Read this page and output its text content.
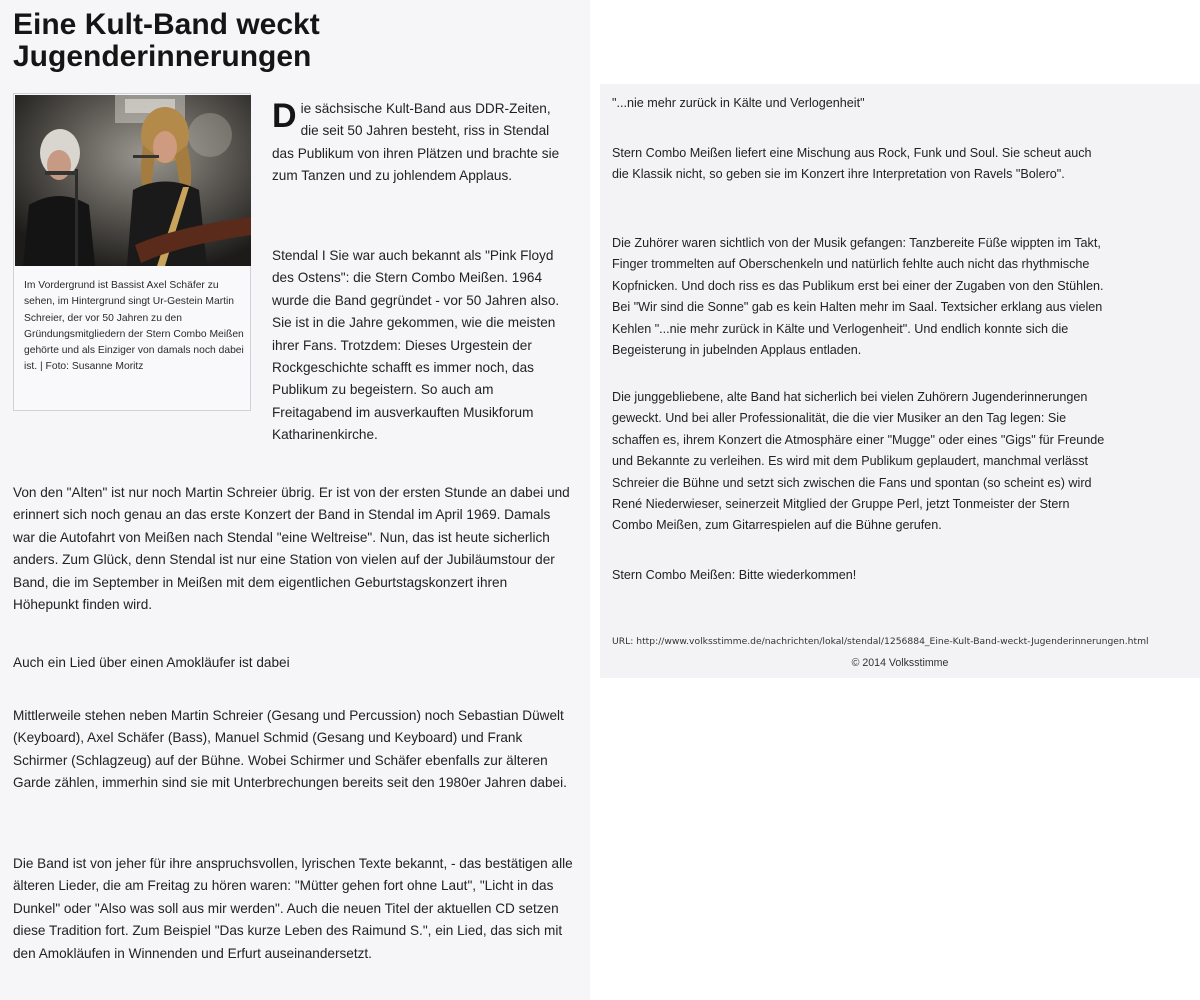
Eine Kult-Band weckt Jugenderinnerungen
Im Vordergrund ist Bassist Axel Schäfer zu sehen, im Hintergrund singt Ur-Gestein Martin Schreier, der vor 50 Jahren zu den Gründungsmitgliedern der Stern Combo Meißen gehörte und als Einziger von damals noch dabei ist. | Foto: Susanne Moritz

Die sächsische Kult-Band aus DDR-Zeiten, die seit 50 Jahren besteht, riss in Stendal das Publikum von ihren Plätzen und brachte sie zum Tanzen und zu johlendem Applaus.

Stendal I Sie war auch bekannt als "Pink Floyd des Ostens": die Stern Combo Meißen. 1964 wurde die Band gegründet - vor 50 Jahren also. Sie ist in die Jahre gekommen, wie die meisten ihrer Fans. Trotzdem: Dieses Urgestein der Rockgeschichte schafft es immer noch, das Publikum zu begeistern. So auch am Freitagabend im ausverkauften Musikforum Katharinenkirche.

Von den "Alten" ist nur noch Martin Schreier übrig. Er ist von der ersten Stunde an dabei und erinnert sich noch genau an das erste Konzert der Band in Stendal im April 1969. Damals war die Autofahrt von Meißen nach Stendal "eine Weltreise". Nun, das ist heute sicherlich anders. Zum Glück, denn Stendal ist nur eine Station von vielen auf der Jubiläumstour der Band, die im September in Meißen mit dem eigentlichen Geburtstagskonzert ihren Höhepunkt finden wird.

Auch ein Lied über einen Amokläufer ist dabei

Mittlerweile stehen neben Martin Schreier (Gesang und Percussion) noch Sebastian Düwelt (Keyboard), Axel Schäfer (Bass), Manuel Schmid (Gesang und Keyboard) und Frank Schirmer (Schlagzeug) auf der Bühne. Wobei Schirmer und Schäfer ebenfalls zur älteren Garde zählen, immerhin sind sie mit Unterbrechungen bereits seit den 1980er Jahren dabei.

Die Band ist von jeher für ihre anspruchsvollen, lyrischen Texte bekannt, - das bestätigen alle älteren Lieder, die am Freitag zu hören waren: "Mütter gehen fort ohne Laut", "Licht in das Dunkel" oder "Also was soll aus mir werden". Auch die neuen Titel der aktuellen CD setzen diese Tradition fort. Zum Beispiel "Das kurze Leben des Raimund S.", ein Lied, das sich mit den Amokläufen in Winnenden und Erfurt auseinandersetzt.

"...nie mehr zurück in Kälte und Verlogenheit"

Stern Combo Meißen liefert eine Mischung aus Rock, Funk und Soul. Sie scheut auch die Klassik nicht, so geben sie im Konzert ihre Interpretation von Ravels "Bolero".

Die Zuhörer waren sichtlich von der Musik gefangen: Tanzbereite Füße wippten im Takt, Finger trommelten auf Oberschenkeln und natürlich fehlte auch nicht das rhythmische Kopfnicken. Und doch riss es das Publikum erst bei einer der Zugaben von den Stühlen. Bei "Wir sind die Sonne" gab es kein Halten mehr im Saal. Textsicher erklang aus vielen Kehlen "...nie mehr zurück in Kälte und Verlogenheit". Und endlich konnte sich die Begeisterung in jubelnden Applaus entladen.

Die junggebliebene, alte Band hat sicherlich bei vielen Zuhörern Jugenderinnerungen geweckt. Und bei aller Professionalität, die die vier Musiker an den Tag legen: Sie schaffen es, ihrem Konzert die Atmosphäre einer "Mugge" oder eines "Gigs" für Freunde und Bekannte zu verleihen. Es wird mit dem Publikum geplaudert, manchmal verlässt Schreier die Bühne und setzt sich zwischen die Fans und spontan (so scheint es) wird René Niederwieser, seinerzeit Mitglied der Gruppe Perl, jetzt Tonmeister der Stern Combo Meißen, zum Gitarrespielen auf die Bühne gerufen.

Stern Combo Meißen: Bitte wiederkommen!

URL: http://www.volksstimme.de/nachrichten/lokal/stendal/1256884_Eine-Kult-Band-weckt-Jugenderinnerungen.html

© 2014 Volksstimme
